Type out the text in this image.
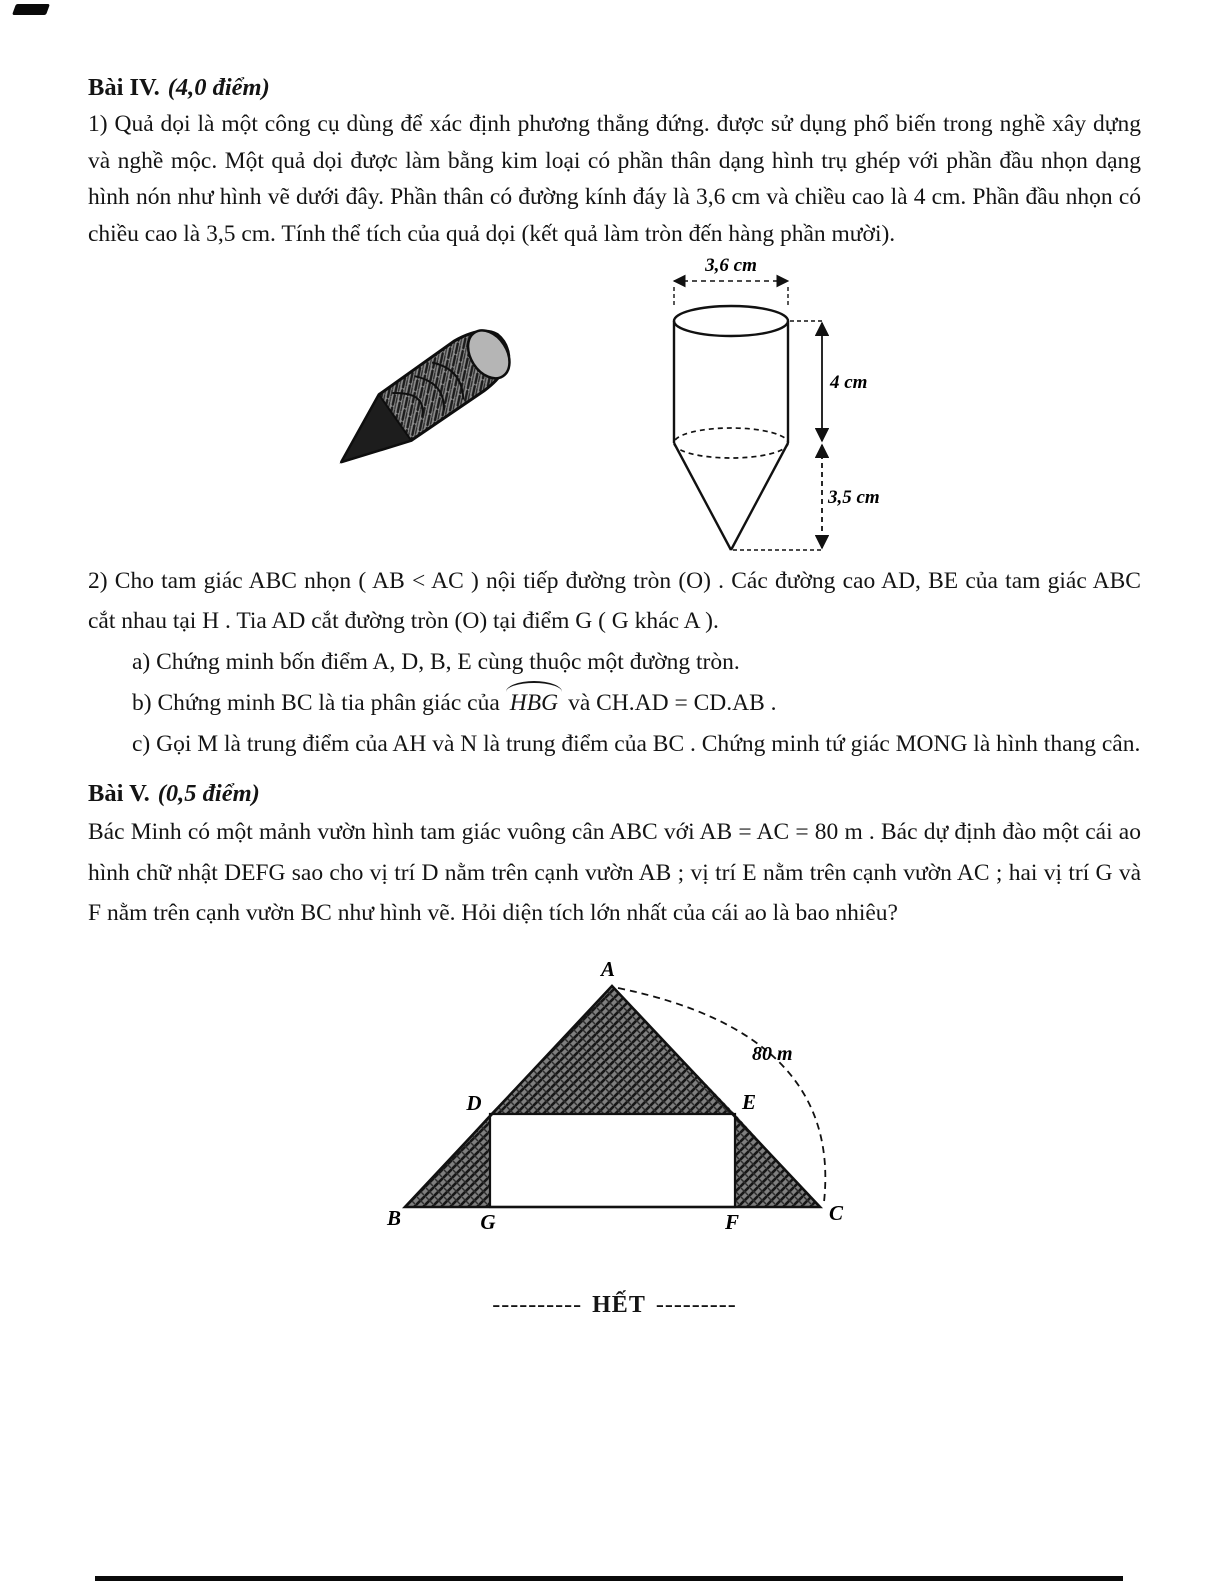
Bài IV. (4,0 điểm)

1) Quả dọi là một công cụ dùng để xác định phương thẳng đứng. được sử dụng phổ biến trong nghề xây dựng và nghề mộc. Một quả dọi được làm bằng kim loại có phần thân dạng hình trụ ghép với phần đầu nhọn dạng hình nón như hình vẽ dưới đây. Phần thân có đường kính đáy là 3,6 cm và chiều cao là 4 cm. Phần đầu nhọn có chiều cao là 3,5 cm. Tính thể tích của quả dọi (kết quả làm tròn đến hàng phần mười).

3,6 cm
4 cm
3,5 cm

2) Cho tam giác ABC nhọn ( AB < AC ) nội tiếp đường tròn (O) . Các đường cao AD, BE của tam giác ABC cắt nhau tại H . Tia AD cắt đường tròn (O) tại điểm G ( G khác A ).

a) Chứng minh bốn điểm A, D, B, E cùng thuộc một đường tròn.

b) Chứng minh BC là tia phân giác của HBG và CH.AD = CD.AB .

c) Gọi M là trung điểm của AH và N là trung điểm của BC . Chứng minh tứ giác MONG là hình thang cân.

Bài V. (0,5 điểm)

Bác Minh có một mảnh vườn hình tam giác vuông cân ABC với AB = AC = 80 m . Bác dự định đào một cái ao hình chữ nhật DEFG sao cho vị trí D nằm trên cạnh vườn AB ; vị trí E nằm trên cạnh vườn AC ; hai vị trí G và F nằm trên cạnh vườn BC như hình vẽ. Hỏi diện tích lớn nhất của cái ao là bao nhiêu?

80 m
A
B	C
D	E
G	F
---------- HẾT ---------
